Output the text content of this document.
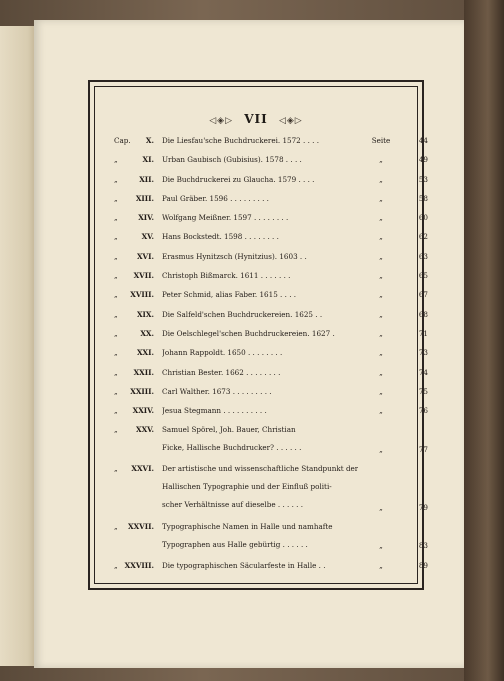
◁◈▷ VII ◁◈▷
Cap. X. Die Liesfau'sche Buchdruckerei. 1572 . . . .	Seite	44
„	XI. Urban Gaubisch (Gubisius). 1578 . . . .	„	49
„	XII. Die Buchdruckerei zu Glaucha. 1579 . . . .	„	53
„	XIII. Paul Gräber. 1596 . . . . . . . . .	„	58
„	XIV. Wolfgang Meißner. 1597 . . . . . . . .	„	60
„	XV. Hans Bockstedt. 1598 . . . . . . . .	„	62
„	XVI. Erasmus Hynitzsch (Hynitzius). 1603 . .	„	63
„ XVII. Christoph Bißmarck. 1611 . . . . . . .	„	65
„ XVIII. Peter Schmid, alias Faber. 1615 . . . .	„	67
„	XIX. Die Salfeld'schen Buchdruckereien. 1625 . .	„	68
„	XX. Die Oelschlegel'schen Buchdruckereien. 1627 .	„	71
„	XXI. Johann Rappoldt. 1650 . . . . . . . .	„	73
„ XXII. Christian Bester. 1662 . . . . . . . .	„	74
„ XXIII. Carl Walther. 1673 . . . . . . . . .	„	75
„ XXIV. Jesua Stegmann . . . . . . . . . .	„	76
„	XXV. Samuel Spörel, Joh. Bauer, Christian
Ficke, Hallische Buchdrucker? . . . . . .	„	77
„ XXVI. Der artistische und wissenschaftliche Standpunkt der
Hallischen Typographie und der Einfluß politi-
scher Verhältnisse auf dieselbe . . . . . .	„	79
„ XXVII. Typographische Namen in Halle und namhafte
Typographen aus Halle gebürtig . . . . . .	„	83
„ XXVIII. Die typographischen Säcularfeste in Halle . .	„	89
